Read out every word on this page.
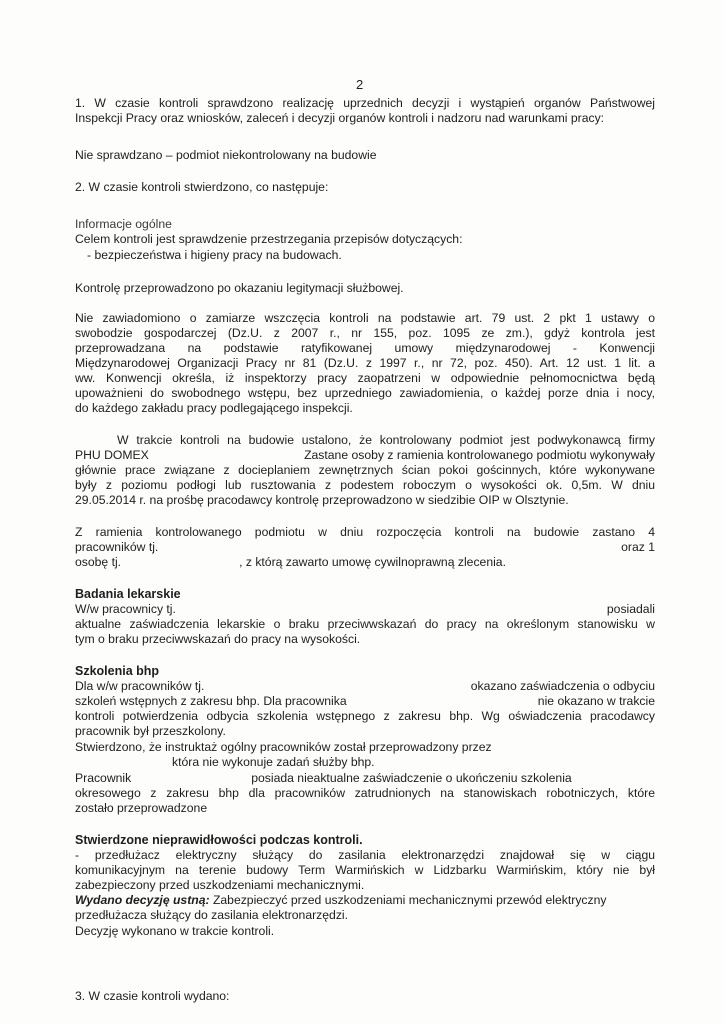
2
1. W czasie kontroli sprawdzono realizację uprzednich decyzji i wystąpień organów Państwowej
Inspekcji Pracy oraz wniosków, zaleceń i decyzji organów kontroli i nadzoru nad warunkami pracy:
Nie sprawdzano – podmiot niekontrolowany na budowie
2. W czasie kontroli stwierdzono, co następuje:
Informacje ogólne
Celem kontroli jest sprawdzenie przestrzegania przepisów dotyczących:
- bezpieczeństwa i higieny pracy na budowach.
Kontrolę przeprowadzono po okazaniu legitymacji służbowej.
Nie zawiadomiono o zamiarze wszczęcia kontroli na podstawie art. 79 ust. 2 pkt 1 ustawy o
swobodzie gospodarczej (Dz.U. z 2007 r., nr 155, poz. 1095 ze zm.), gdyż kontrola jest
przeprowadzana na podstawie ratyfikowanej umowy międzynarodowej - Konwencji
Międzynarodowej Organizacji Pracy nr 81 (Dz.U. z 1997 r., nr 72, poz. 450). Art. 12 ust. 1 lit. a
ww. Konwencji określa, iż inspektorzy pracy zaopatrzeni w odpowiednie pełnomocnictwa będą
upoważnieni do swobodnego wstępu, bez uprzedniego zawiadomienia, o każdej porze dnia i nocy,
do każdego zakładu pracy podlegającego inspekcji.
W trakcie kontroli na budowie ustalono, że kontrolowany podmiot jest podwykonawcą firmy
PHU DOMEX	Zastane osoby z ramienia kontrolowanego podmiotu wykonywały
głównie prace związane z docieplaniem zewnętrznych ścian pokoi gościnnych, które wykonywane
były z poziomu podłogi lub rusztowania z podestem roboczym o wysokości ok. 0,5m. W dniu
29.05.2014 r. na prośbę pracodawcy kontrolę przeprowadzono w siedzibie OIP w Olsztynie.
Z ramienia kontrolowanego podmiotu w dniu rozpoczęcia kontroli na budowie zastano 4
pracowników tj.	oraz 1
osobę tj.	, z którą zawarto umowę cywilnoprawną zlecenia.
Badania lekarskie
W/w pracownicy tj.	posiadali
aktualne zaświadczenia lekarskie o braku przeciwwskazań do pracy na określonym stanowisku w
tym o braku przeciwwskazań do pracy na wysokości.
Szkolenia bhp
Dla w/w pracowników tj.	okazano zaświadczenia o odbyciu
szkoleń wstępnych z zakresu bhp. Dla pracownika	nie okazano w trakcie
kontroli potwierdzenia odbycia szkolenia wstępnego z zakresu bhp. Wg oświadczenia pracodawcy
pracownik był przeszkolony.
Stwierdzono, że instruktaż ogólny pracowników został przeprowadzony przez
która nie wykonuje zadań służby bhp.
Pracownik	posiada nieaktualne zaświadczenie o ukończeniu szkolenia
okresowego z zakresu bhp dla pracowników zatrudnionych na stanowiskach robotniczych, które
zostało przeprowadzone
Stwierdzone nieprawidłowości podczas kontroli.
- przedłużacz elektryczny służący do zasilania elektronarzędzi znajdował się w ciągu
komunikacyjnym na terenie budowy Term Warmińskich w Lidzbarku Warmińskim, który nie był
zabezpieczony przed uszkodzeniami mechanicznymi.
Wydano decyzję ustną: Zabezpieczyć przed uszkodzeniami mechanicznymi przewód elektryczny
przedłużacza służący do zasilania elektronarzędzi.
Decyzję wykonano w trakcie kontroli.
3. W czasie kontroli wydano:
